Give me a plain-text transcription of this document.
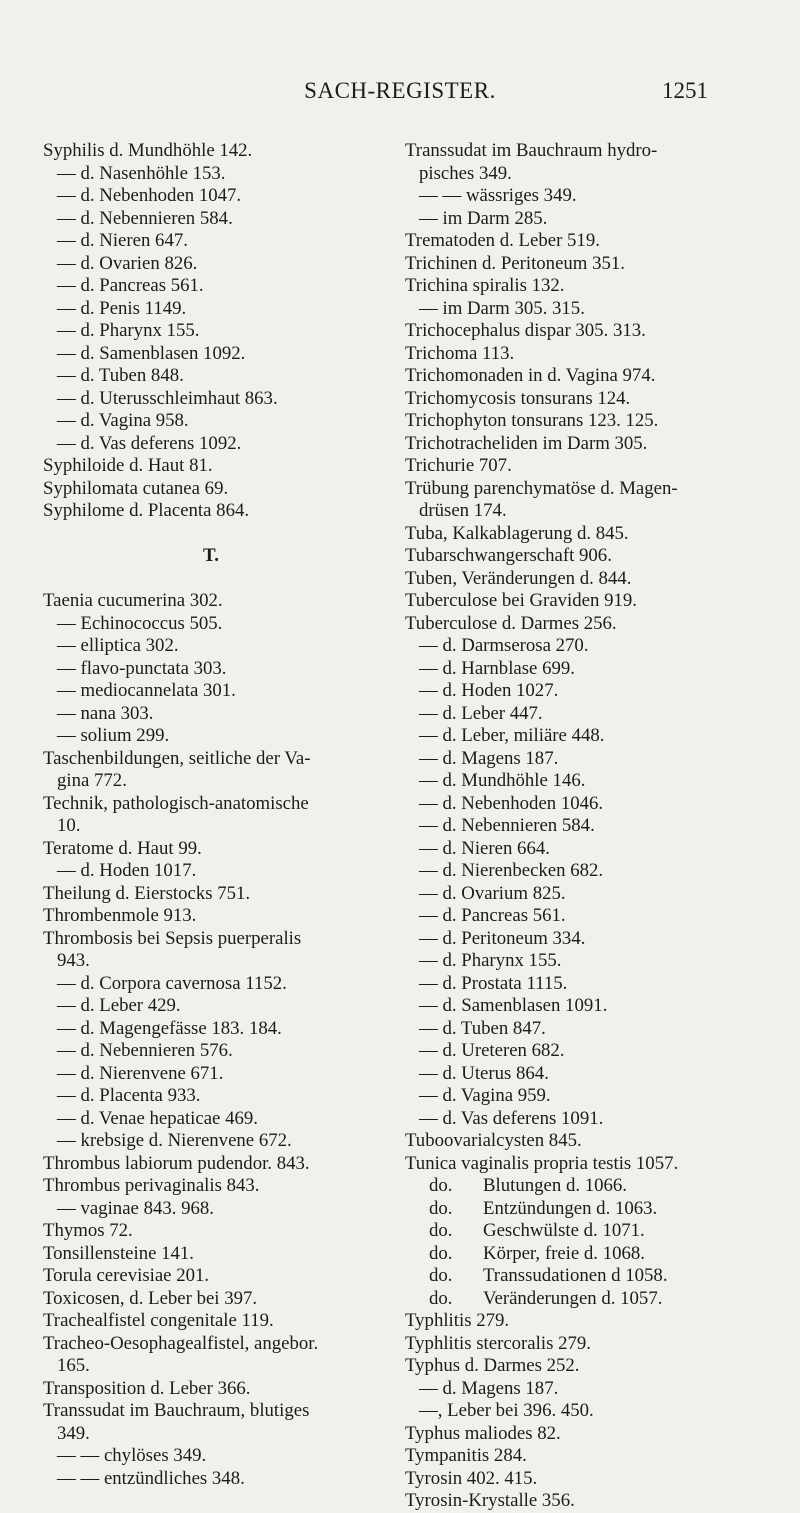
SACH-REGISTER.	1251
Syphilis d. Mundhöhle 142.
— d. Nasenhöhle 153.
— d. Nebenhoden 1047.
— d. Nebennieren 584.
— d. Nieren 647.
— d. Ovarien 826.
— d. Pancreas 561.
— d. Penis 1149.
— d. Pharynx 155.
— d. Samenblasen 1092.
— d. Tuben 848.
— d. Uterusschleimhaut 863.
— d. Vagina 958.
— d. Vas deferens 1092.
Syphiloide d. Haut 81.
Syphilomata cutanea 69.
Syphilome d. Placenta 864.
T.
Taenia cucumerina 302.
— Echinococcus 505.
— elliptica 302.
— flavo-punctata 303.
— mediocannelata 301.
— nana 303.
— solium 299.
Taschenbildungen, seitliche der Va-
gina 772.
Technik, pathologisch-anatomische
10.
Teratome d. Haut 99.
— d. Hoden 1017.
Theilung d. Eierstocks 751.
Thrombenmole 913.
Thrombosis bei Sepsis puerperalis
943.
— d. Corpora cavernosa 1152.
— d. Leber 429.
— d. Magengefässe 183. 184.
— d. Nebennieren 576.
— d. Nierenvene 671.
— d. Placenta 933.
— d. Venae hepaticae 469.
— krebsige d. Nierenvene 672.
Thrombus labiorum pudendor. 843.
Thrombus perivaginalis 843.
— vaginae 843. 968.
Thymos 72.
Tonsillensteine 141.
Torula cerevisiae 201.
Toxicosen, d. Leber bei 397.
Trachealfistel congenitale 119.
Tracheo-Oesophagealfistel, angebor.
165.
Transposition d. Leber 366.
Transsudat im Bauchraum, blutiges
349.
— — chylöses 349.
— — entzündliches 348.
Transsudat im Bauchraum hydro-
pisches 349.
— — wässriges 349.
— im Darm 285.
Trematoden d. Leber 519.
Trichinen d. Peritoneum 351.
Trichina spiralis 132.
— im Darm 305. 315.
Trichocephalus dispar 305. 313.
Trichoma 113.
Trichomonaden in d. Vagina 974.
Trichomycosis tonsurans 124.
Trichophyton tonsurans 123. 125.
Trichotracheliden im Darm 305.
Trichurie 707.
Trübung parenchymatöse d. Magen-
drüsen 174.
Tuba, Kalkablagerung d. 845.
Tubarschwangerschaft 906.
Tuben, Veränderungen d. 844.
Tuberculose bei Graviden 919.
Tuberculose d. Darmes 256.
— d. Darmserosa 270.
— d. Harnblase 699.
— d. Hoden 1027.
— d. Leber 447.
— d. Leber, miliäre 448.
— d. Magens 187.
— d. Mundhöhle 146.
— d. Nebenhoden 1046.
— d. Nebennieren 584.
— d. Nieren 664.
— d. Nierenbecken 682.
— d. Ovarium 825.
— d. Pancreas 561.
— d. Peritoneum 334.
— d. Pharynx 155.
— d. Prostata 1115.
— d. Samenblasen 1091.
— d. Tuben 847.
— d. Ureteren 682.
— d. Uterus 864.
— d. Vagina 959.
— d. Vas deferens 1091.
Tuboovarialcysten 845.
Tunica vaginalis propria testis 1057.
do. Blutungen d. 1066.
do. Entzündungen d. 1063.
do. Geschwülste d. 1071.
do. Körper, freie d. 1068.
do. Transsudationen d 1058.
do. Veränderungen d. 1057.
Typhlitis 279.
Typhlitis stercoralis 279.
Typhus d. Darmes 252.
— d. Magens 187.
—, Leber bei 396. 450.
Typhus maliodes 82.
Tympanitis 284.
Tyrosin 402. 415.
Tyrosin-Krystalle 356.
